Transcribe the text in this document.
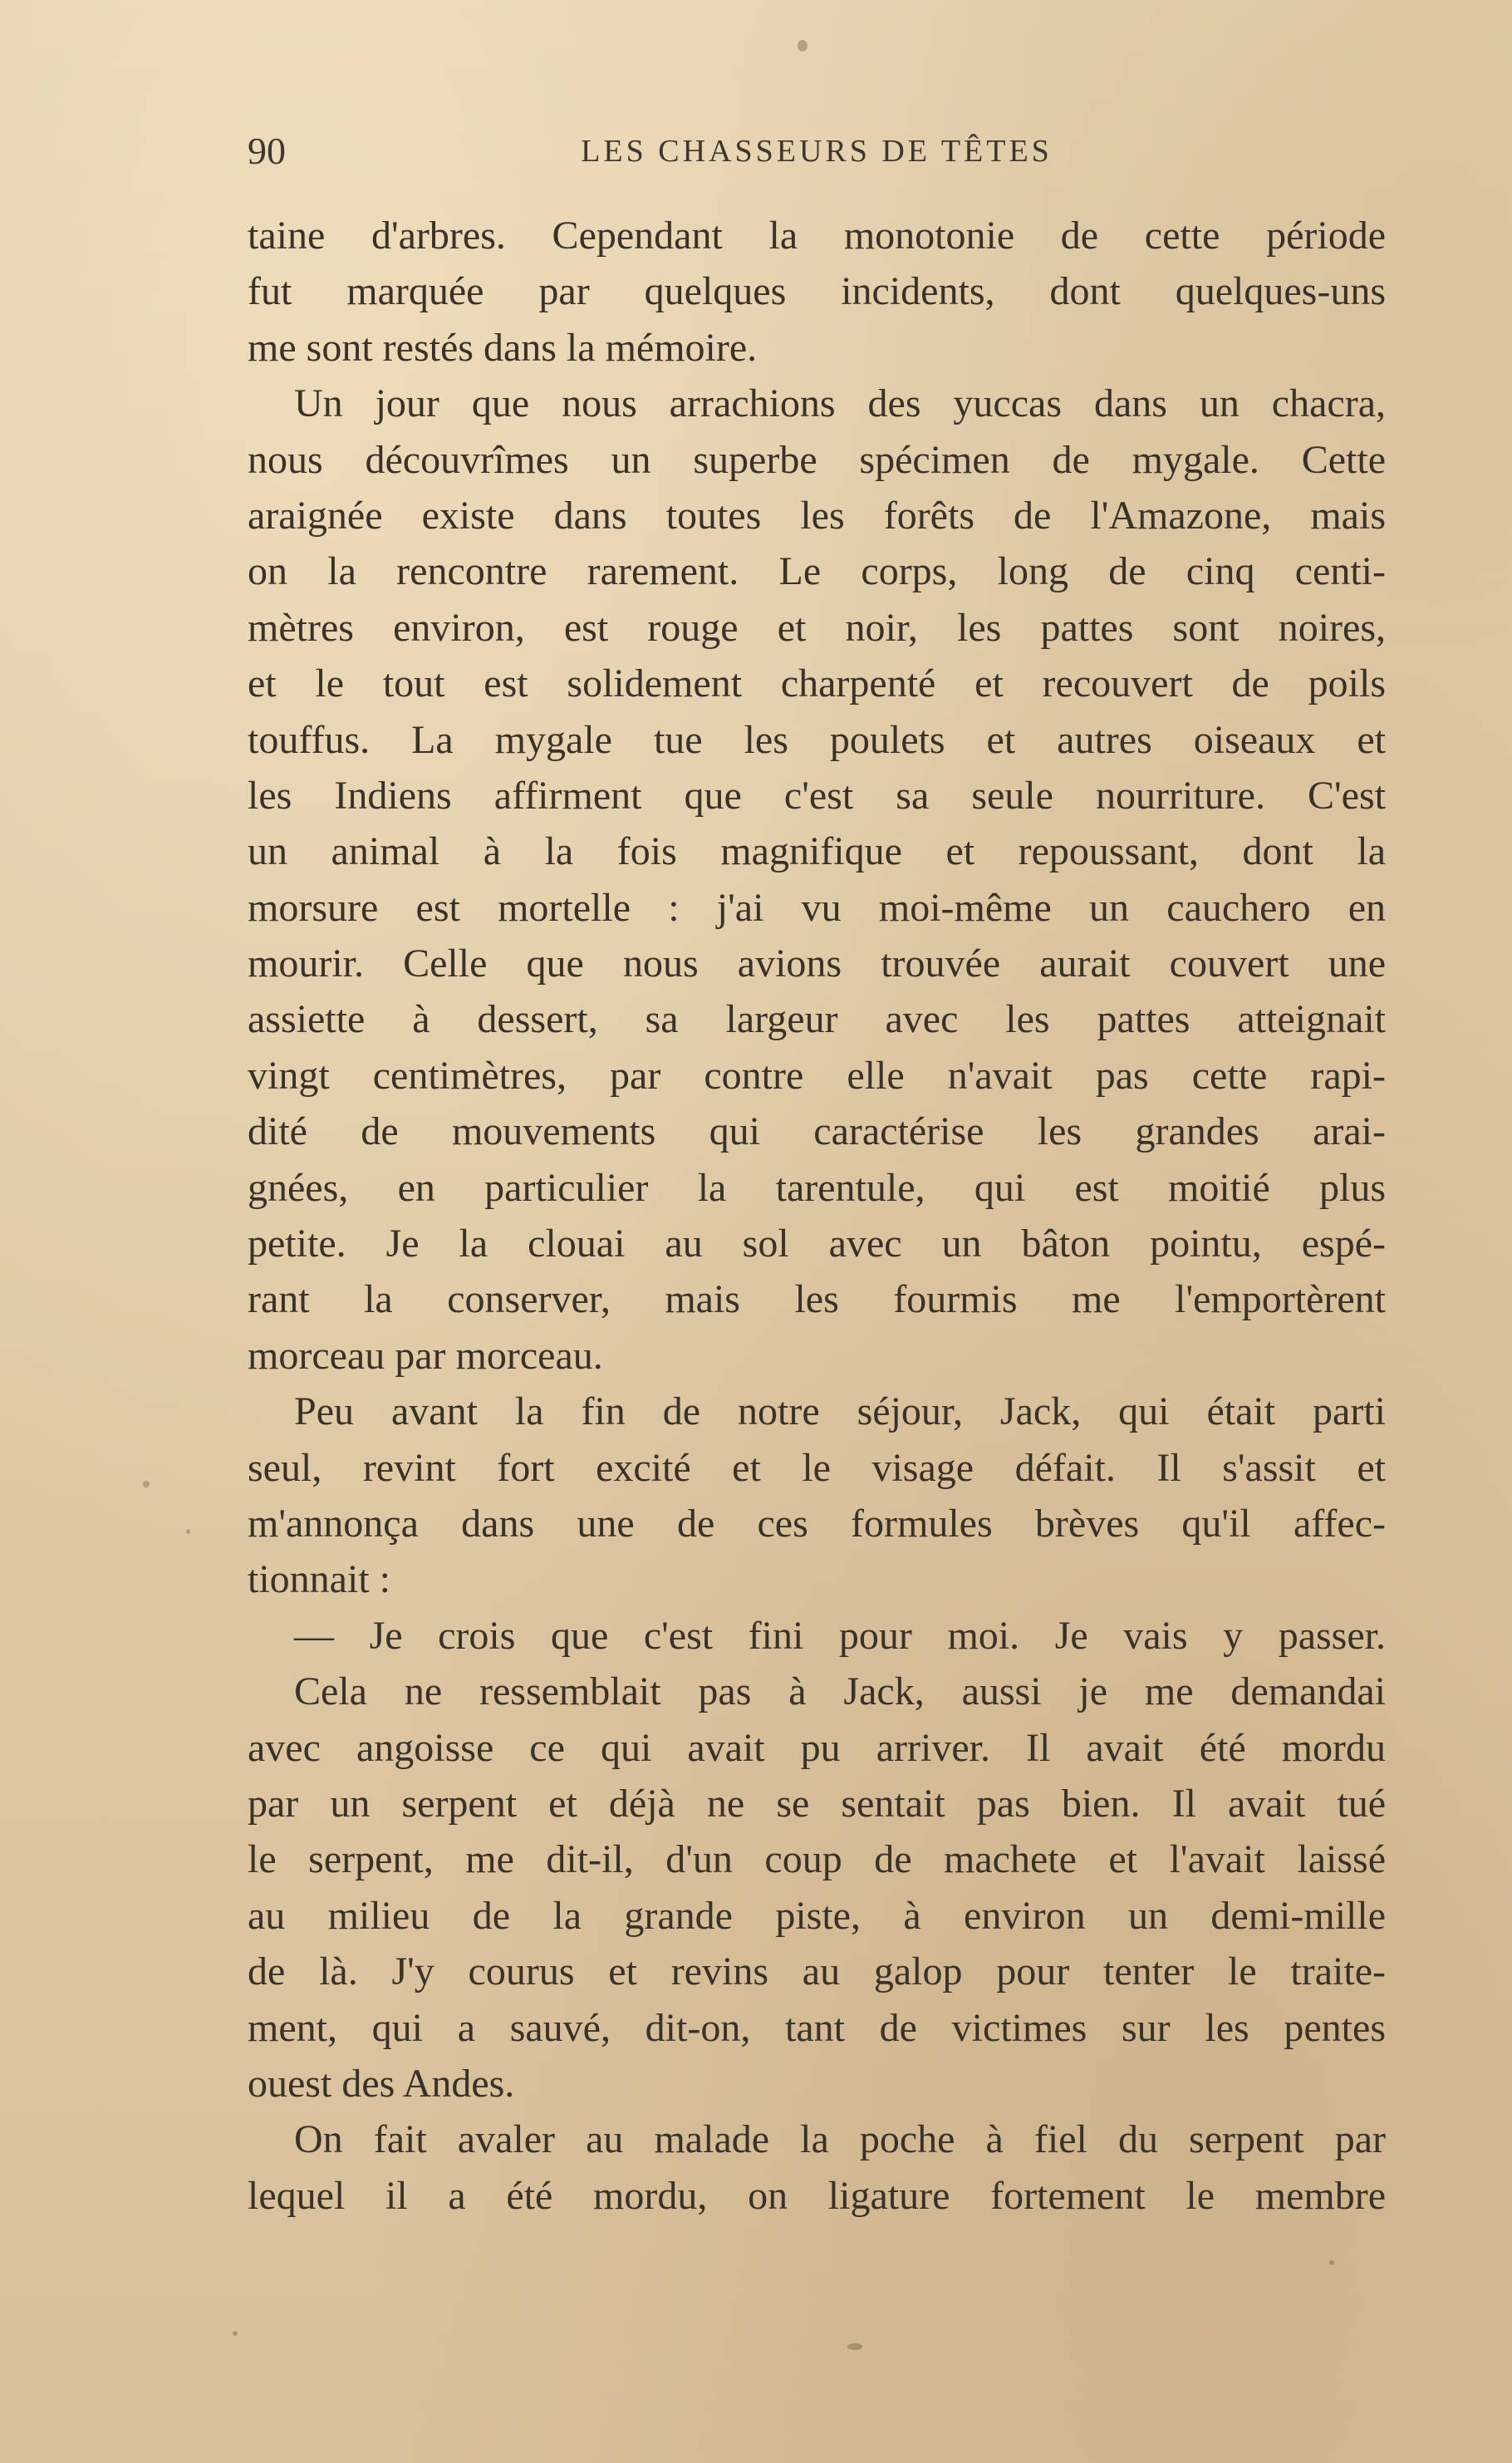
90	LES CHASSEURS DE TÊTES
taine d'arbres. Cependant la monotonie de cette période
fut marquée par quelques incidents, dont quelques-uns
me sont restés dans la mémoire.
Un jour que nous arrachions des yuccas dans un chacra,
nous découvrîmes un superbe spécimen de mygale. Cette
araignée existe dans toutes les forêts de l'Amazone, mais
on la rencontre rarement. Le corps, long de cinq centi-
mètres environ, est rouge et noir, les pattes sont noires,
et le tout est solidement charpenté et recouvert de poils
touffus. La mygale tue les poulets et autres oiseaux et
les Indiens affirment que c'est sa seule nourriture. C'est
un animal à la fois magnifique et repoussant, dont la
morsure est mortelle : j'ai vu moi-même un cauchero en
mourir. Celle que nous avions trouvée aurait couvert une
assiette à dessert, sa largeur avec les pattes atteignait
vingt centimètres, par contre elle n'avait pas cette rapi-
dité de mouvements qui caractérise les grandes arai-
gnées, en particulier la tarentule, qui est moitié plus
petite. Je la clouai au sol avec un bâton pointu, espé-
rant la conserver, mais les fourmis me l'emportèrent
morceau par morceau.
Peu avant la fin de notre séjour, Jack, qui était parti
seul, revint fort excité et le visage défait. Il s'assit et
m'annonça dans une de ces formules brèves qu'il affec-
tionnait :
— Je crois que c'est fini pour moi. Je vais y passer.
Cela ne ressemblait pas à Jack, aussi je me demandai
avec angoisse ce qui avait pu arriver. Il avait été mordu
par un serpent et déjà ne se sentait pas bien. Il avait tué
le serpent, me dit-il, d'un coup de machete et l'avait laissé
au milieu de la grande piste, à environ un demi-mille
de là. J'y courus et revins au galop pour tenter le traite-
ment, qui a sauvé, dit-on, tant de victimes sur les pentes
ouest des Andes.
On fait avaler au malade la poche à fiel du serpent par
lequel il a été mordu, on ligature fortement le membre
